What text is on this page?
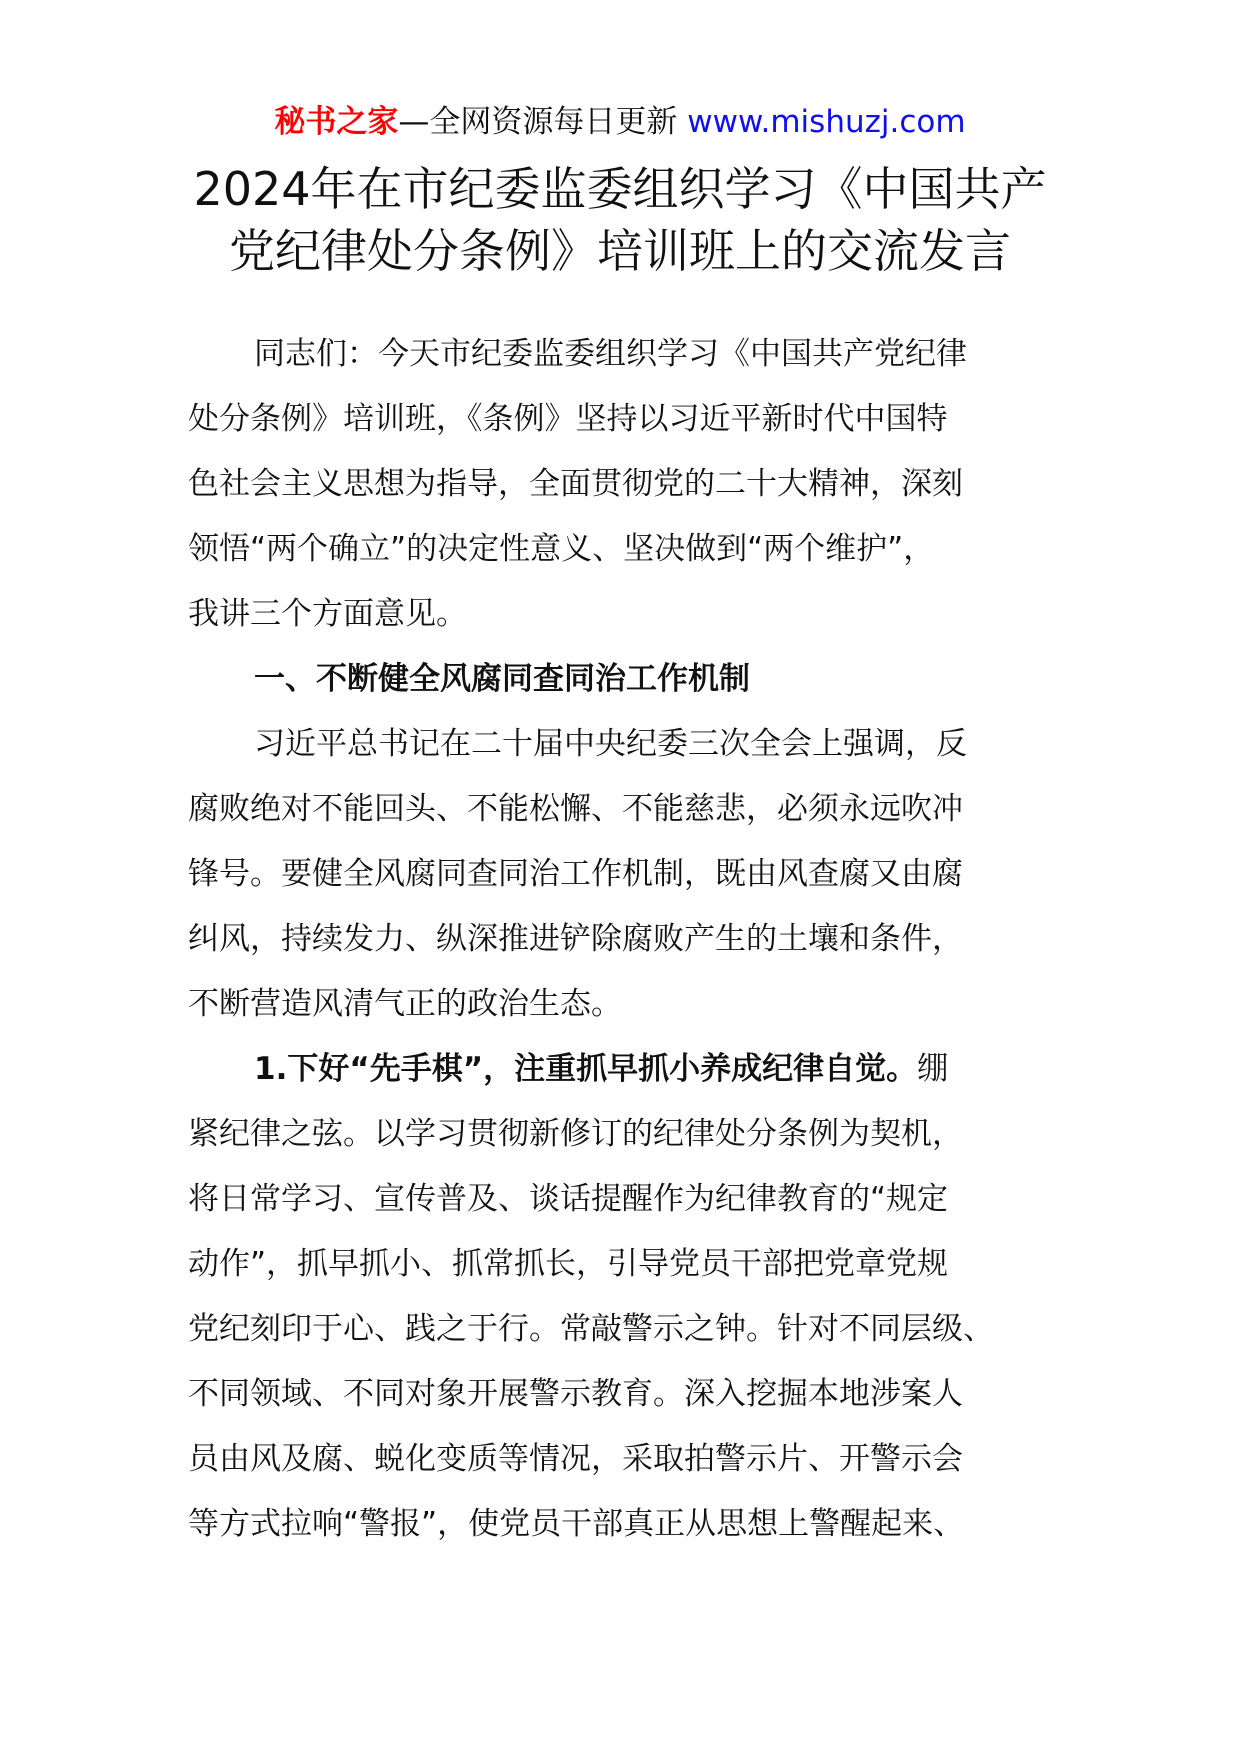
秘书之家—全网资源每日更新 www.mishuzj.com
2024年在市纪委监委组织学习《中国共产
党纪律处分条例》培训班上的交流发言
同志们：今天市纪委监委组织学习《中国共产党纪律
处分条例》培训班，《条例》坚持以习近平新时代中国特
色社会主义思想为指导，全面贯彻党的二十大精神，深刻
领悟“两个确立”的决定性意义、坚决做到“两个维护”，
我讲三个方面意见。
一、不断健全风腐同查同治工作机制
习近平总书记在二十届中央纪委三次全会上强调，反
腐败绝对不能回头、不能松懈、不能慈悲，必须永远吹冲
锋号。要健全风腐同查同治工作机制，既由风查腐又由腐
纠风，持续发力、纵深推进铲除腐败产生的土壤和条件，
不断营造风清气正的政治生态。
1.下好“先手棋”，注重抓早抓小养成纪律自觉。绷
紧纪律之弦。以学习贯彻新修订的纪律处分条例为契机，
将日常学习、宣传普及、谈话提醒作为纪律教育的“规定
动作”，抓早抓小、抓常抓长，引导党员干部把党章党规
党纪刻印于心、践之于行。常敲警示之钟。针对不同层级、
不同领域、不同对象开展警示教育。深入挖掘本地涉案人
员由风及腐、蜕化变质等情况，采取拍警示片、开警示会
等方式拉响“警报”，使党员干部真正从思想上警醒起来、
